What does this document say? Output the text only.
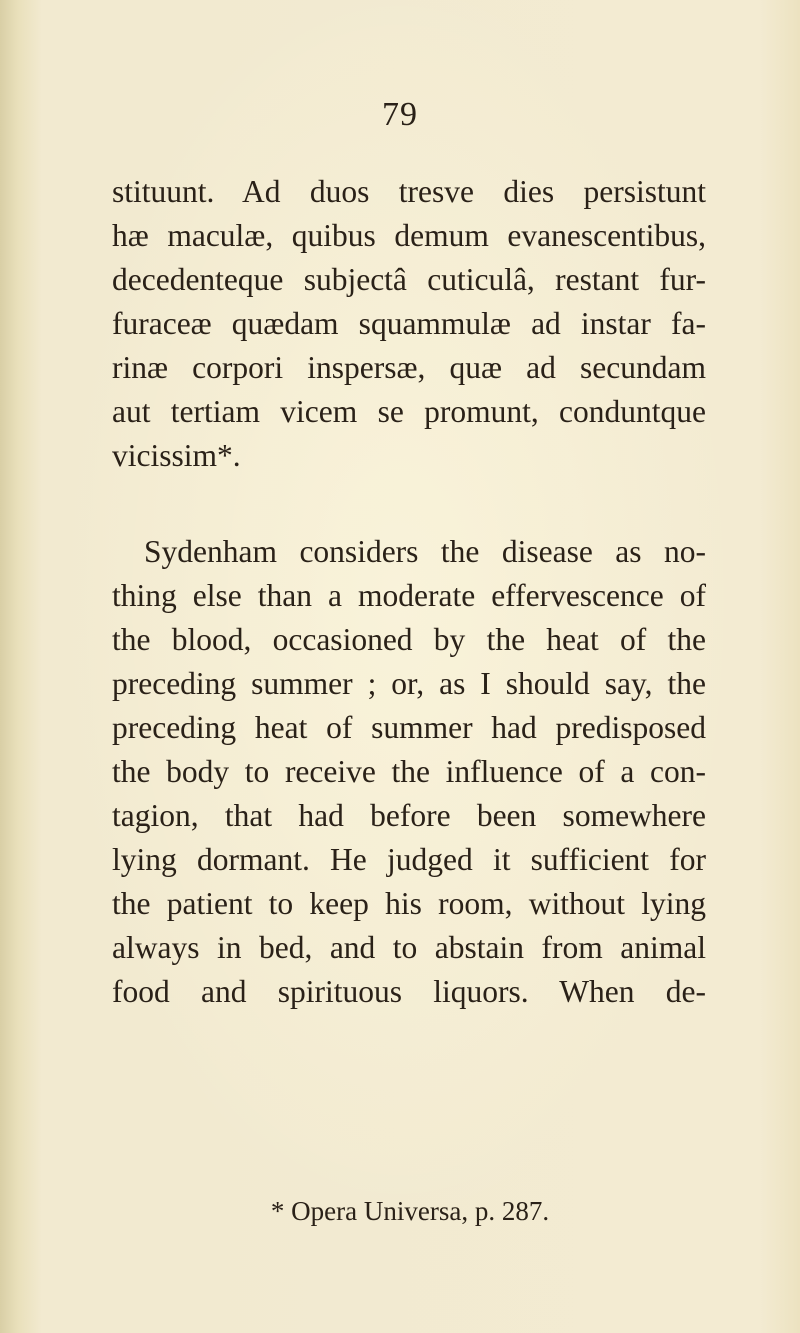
79
stituunt. Ad duos tresve dies persistunt
hæ maculæ, quibus demum evanescentibus,
decedenteque subjectâ cuticulâ, restant fur-
furaceæ quædam squammulæ ad instar fa-
rinæ corpori inspersæ, quæ ad secundam
aut tertiam vicem se promunt, conduntque
vicissim*.
Sydenham considers the disease as no-
thing else than a moderate effervescence of
the blood, occasioned by the heat of the
preceding summer ; or, as I should say, the
preceding heat of summer had predisposed
the body to receive the influence of a con-
tagion, that had before been somewhere
lying dormant. He judged it sufficient for
the patient to keep his room, without lying
always in bed, and to abstain from animal
food and spirituous liquors. When de-
* Opera Universa, p. 287.
